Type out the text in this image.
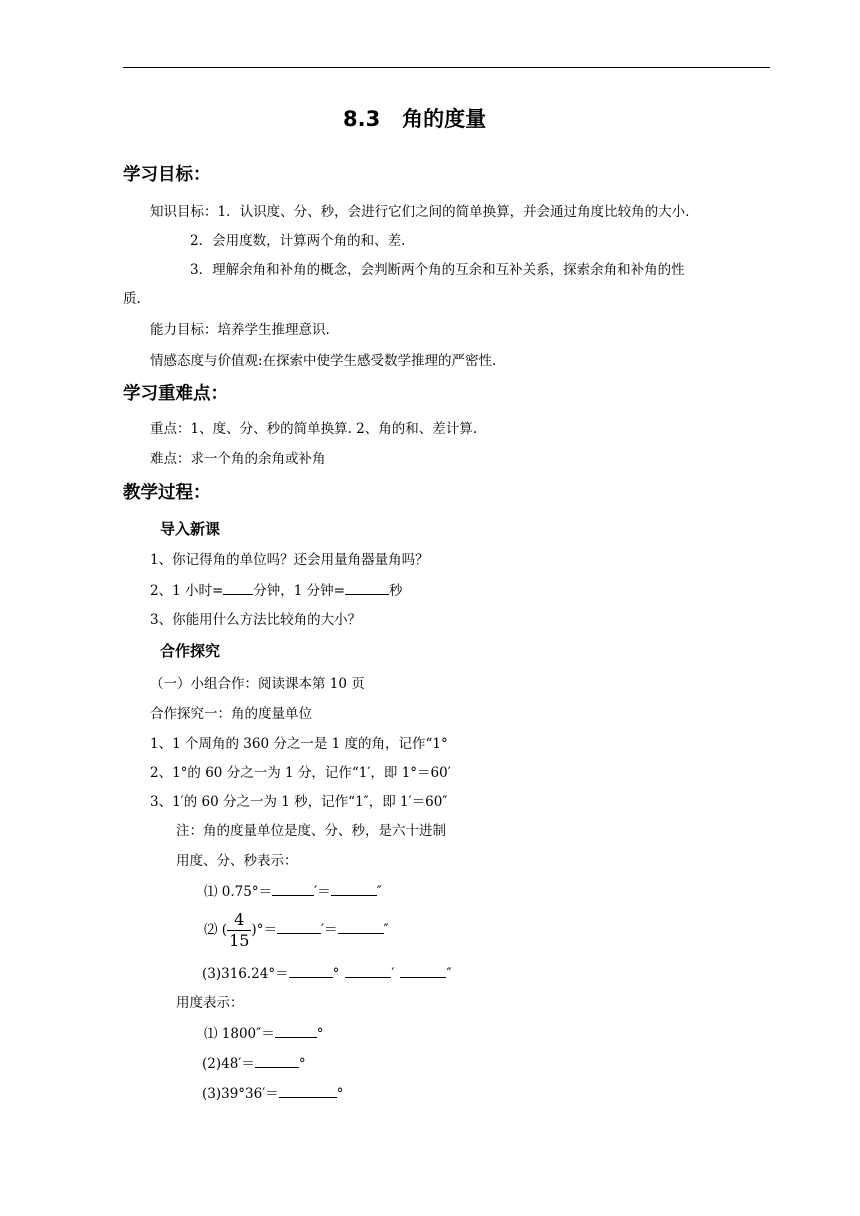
8.3   角的度量
学习目标：
知识目标：1．认识度、分、秒，会进行它们之间的简单换算，并会通过角度比较角的大小.
2．会用度数，计算两个角的和、差.
3．理解余角和补角的概念，会判断两个角的互余和互补关系，探索余角和补角的性
质.
能力目标：培养学生推理意识.
情感态度与价值观:在探索中使学生感受数学推理的严密性.
学习重难点：
重点：1、度、分、秒的简单换算. 2、角的和、差计算.
难点：求一个角的余角或补角
教学过程：
导入新课
1、你记得角的单位吗？还会用量角器量角吗？
2、1 小时= 分钟，1 分钟=	秒
3、你能用什么方法比较角的大小？
合作探究
（一）小组合作：阅读课本第 10 页
合作探究一：角的度量单位
1、1 个周角的 360 分之一是 1 度的角，记作“1°
2、1°的 60 分之一为 1 分，记作“1′，即 1°＝60′
3、1′的 60 分之一为 1 秒，记作“1″，即 1′＝60″
注：角的度量单位是度、分、秒，是六十进制
用度、分、秒表示：
⑴ 0.75°＝	′＝	″
⑵ ( $\frac{4}{15}$ )°＝	′＝	″
(3)316.24°＝	°	′	″
用度表示：
⑴ 1800″＝	°
(2)48′＝	°
(3)39°36′＝	°
